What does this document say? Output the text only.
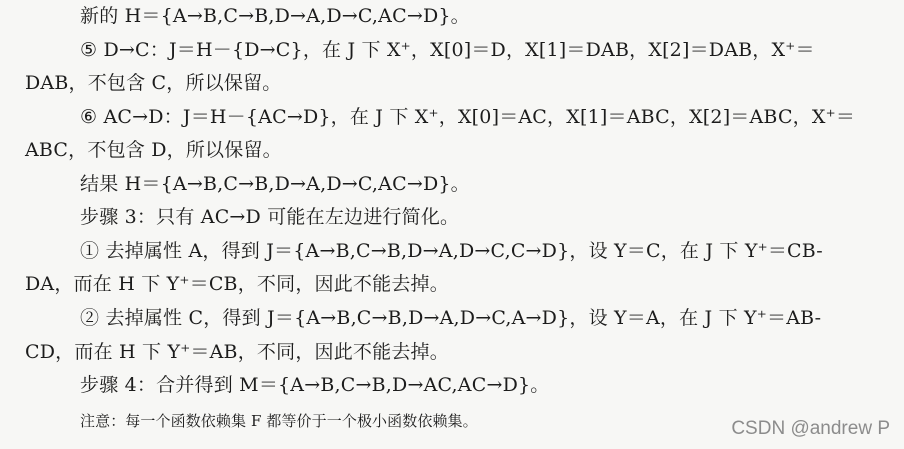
新的 H＝{A→B,C→B,D→A,D→C,AC→D}。
⑤ D→C：J＝H－{D→C}，在 J 下 X⁺，X[0]＝D，X[1]＝DAB，X[2]＝DAB，X⁺＝
DAB，不包含 C，所以保留。
⑥ AC→D：J＝H－{AC→D}，在 J 下 X⁺，X[0]＝AC，X[1]＝ABC，X[2]＝ABC，X⁺＝
ABC，不包含 D，所以保留。
结果 H＝{A→B,C→B,D→A,D→C,AC→D}。
步骤 3：只有 AC→D 可能在左边进行简化。
① 去掉属性 A，得到 J＝{A→B,C→B,D→A,D→C,C→D}，设 Y＝C，在 J 下 Y⁺＝CB-
DA，而在 H 下 Y⁺＝CB，不同，因此不能去掉。
② 去掉属性 C，得到 J＝{A→B,C→B,D→A,D→C,A→D}，设 Y＝A，在 J 下 Y⁺＝AB-
CD，而在 H 下 Y⁺＝AB，不同，因此不能去掉。
步骤 4：合并得到 M＝{A→B,C→B,D→AC,AC→D}。
注意：每一个函数依赖集 F 都等价于一个极小函数依赖集。	CSDN @andrew P
